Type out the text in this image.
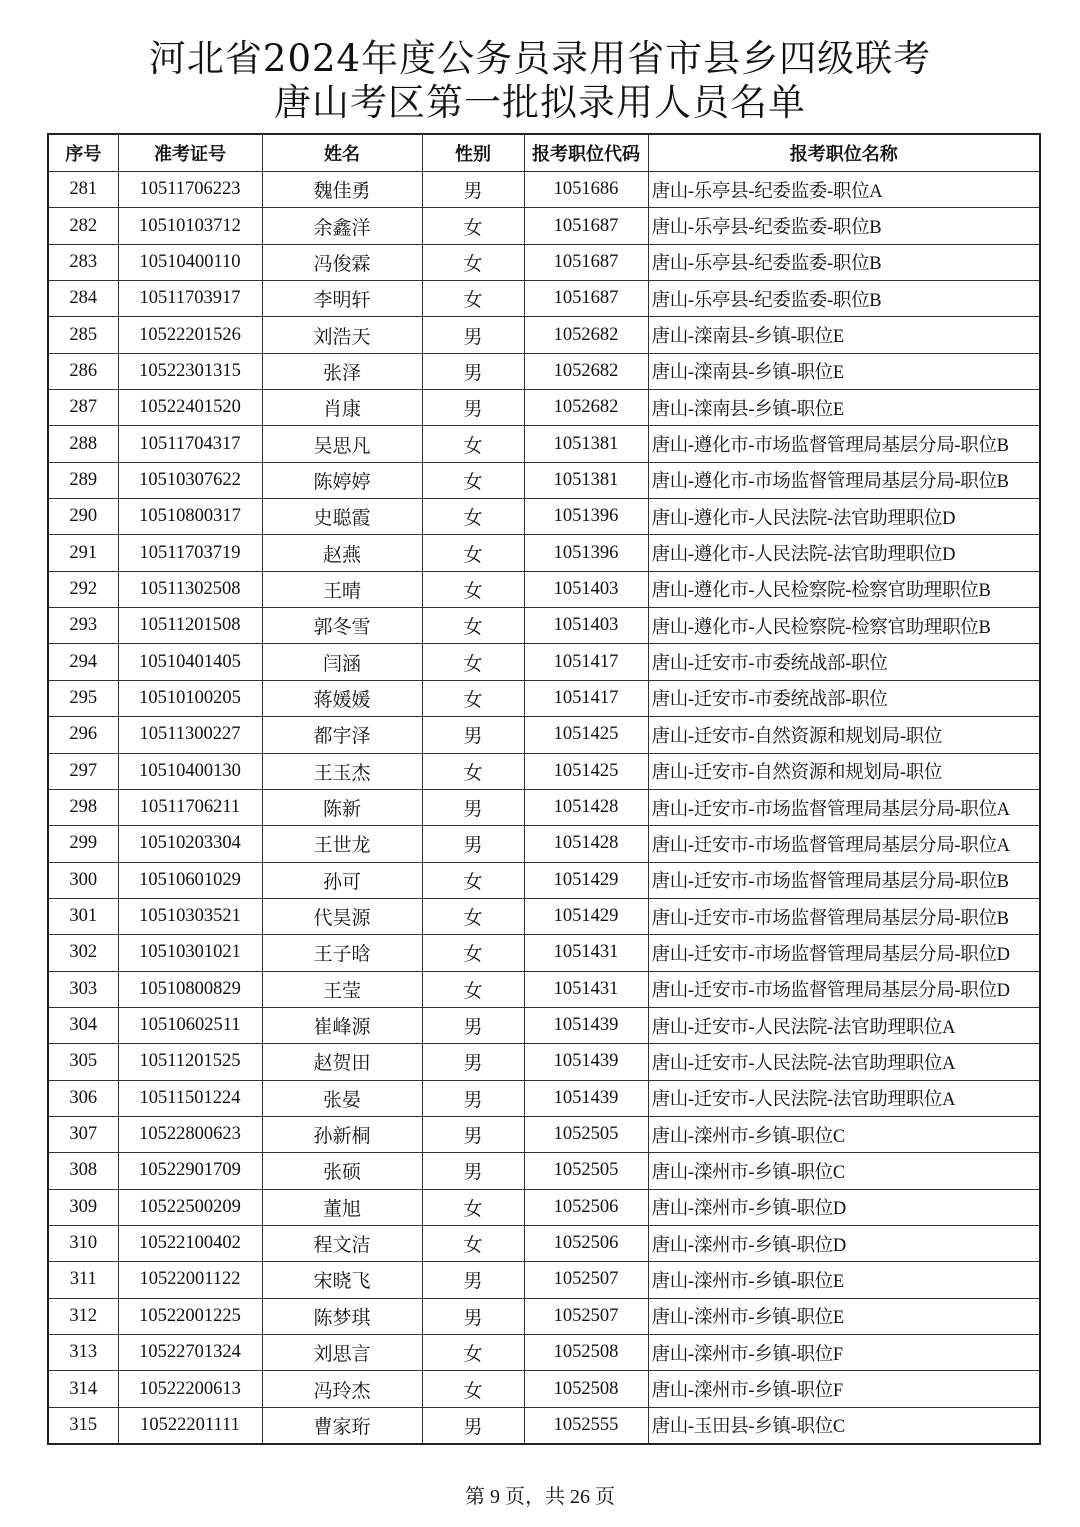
河北省2024年度公务员录用省市县乡四级联考
唐山考区第一批拟录用人员名单
序号	准考证号	姓名	性别	报考职位代码	报考职位名称
281	10511706223	魏佳勇	男	1051686	唐山-乐亭县-纪委监委-职位A
282	10510103712	余鑫洋	女	1051687	唐山-乐亭县-纪委监委-职位B
283	10510400110	冯俊霖	女	1051687	唐山-乐亭县-纪委监委-职位B
284	10511703917	李明轩	女	1051687	唐山-乐亭县-纪委监委-职位B
285	10522201526	刘浩天	男	1052682	唐山-滦南县-乡镇-职位E
286	10522301315	张泽	男	1052682	唐山-滦南县-乡镇-职位E
287	10522401520	肖康	男	1052682	唐山-滦南县-乡镇-职位E
288	10511704317	吴思凡	女	1051381	唐山-遵化市-市场监督管理局基层分局-职位B
289	10510307622	陈婷婷	女	1051381	唐山-遵化市-市场监督管理局基层分局-职位B
290	10510800317	史聪霞	女	1051396	唐山-遵化市-人民法院-法官助理职位D
291	10511703719	赵燕	女	1051396	唐山-遵化市-人民法院-法官助理职位D
292	10511302508	王晴	女	1051403	唐山-遵化市-人民检察院-检察官助理职位B
293	10511201508	郭冬雪	女	1051403	唐山-遵化市-人民检察院-检察官助理职位B
294	10510401405	闫涵	女	1051417	唐山-迁安市-市委统战部-职位
295	10510100205	蒋媛媛	女	1051417	唐山-迁安市-市委统战部-职位
296	10511300227	都宇泽	男	1051425	唐山-迁安市-自然资源和规划局-职位
297	10510400130	王玉杰	女	1051425	唐山-迁安市-自然资源和规划局-职位
298	10511706211	陈新	男	1051428	唐山-迁安市-市场监督管理局基层分局-职位A
299	10510203304	王世龙	男	1051428	唐山-迁安市-市场监督管理局基层分局-职位A
300	10510601029	孙可	女	1051429	唐山-迁安市-市场监督管理局基层分局-职位B
301	10510303521	代昊源	女	1051429	唐山-迁安市-市场监督管理局基层分局-职位B
302	10510301021	王子晗	女	1051431	唐山-迁安市-市场监督管理局基层分局-职位D
303	10510800829	王莹	女	1051431	唐山-迁安市-市场监督管理局基层分局-职位D
304	10510602511	崔峰源	男	1051439	唐山-迁安市-人民法院-法官助理职位A
305	10511201525	赵贺田	男	1051439	唐山-迁安市-人民法院-法官助理职位A
306	10511501224	张晏	男	1051439	唐山-迁安市-人民法院-法官助理职位A
307	10522800623	孙新桐	男	1052505	唐山-滦州市-乡镇-职位C
308	10522901709	张硕	男	1052505	唐山-滦州市-乡镇-职位C
309	10522500209	董旭	女	1052506	唐山-滦州市-乡镇-职位D
310	10522100402	程文洁	女	1052506	唐山-滦州市-乡镇-职位D
311	10522001122	宋晓飞	男	1052507	唐山-滦州市-乡镇-职位E
312	10522001225	陈梦琪	男	1052507	唐山-滦州市-乡镇-职位E
313	10522701324	刘思言	女	1052508	唐山-滦州市-乡镇-职位F
314	10522200613	冯玲杰	女	1052508	唐山-滦州市-乡镇-职位F
315	10522201111	曹家珩	男	1052555	唐山-玉田县-乡镇-职位C
第 9 页，共 26 页
